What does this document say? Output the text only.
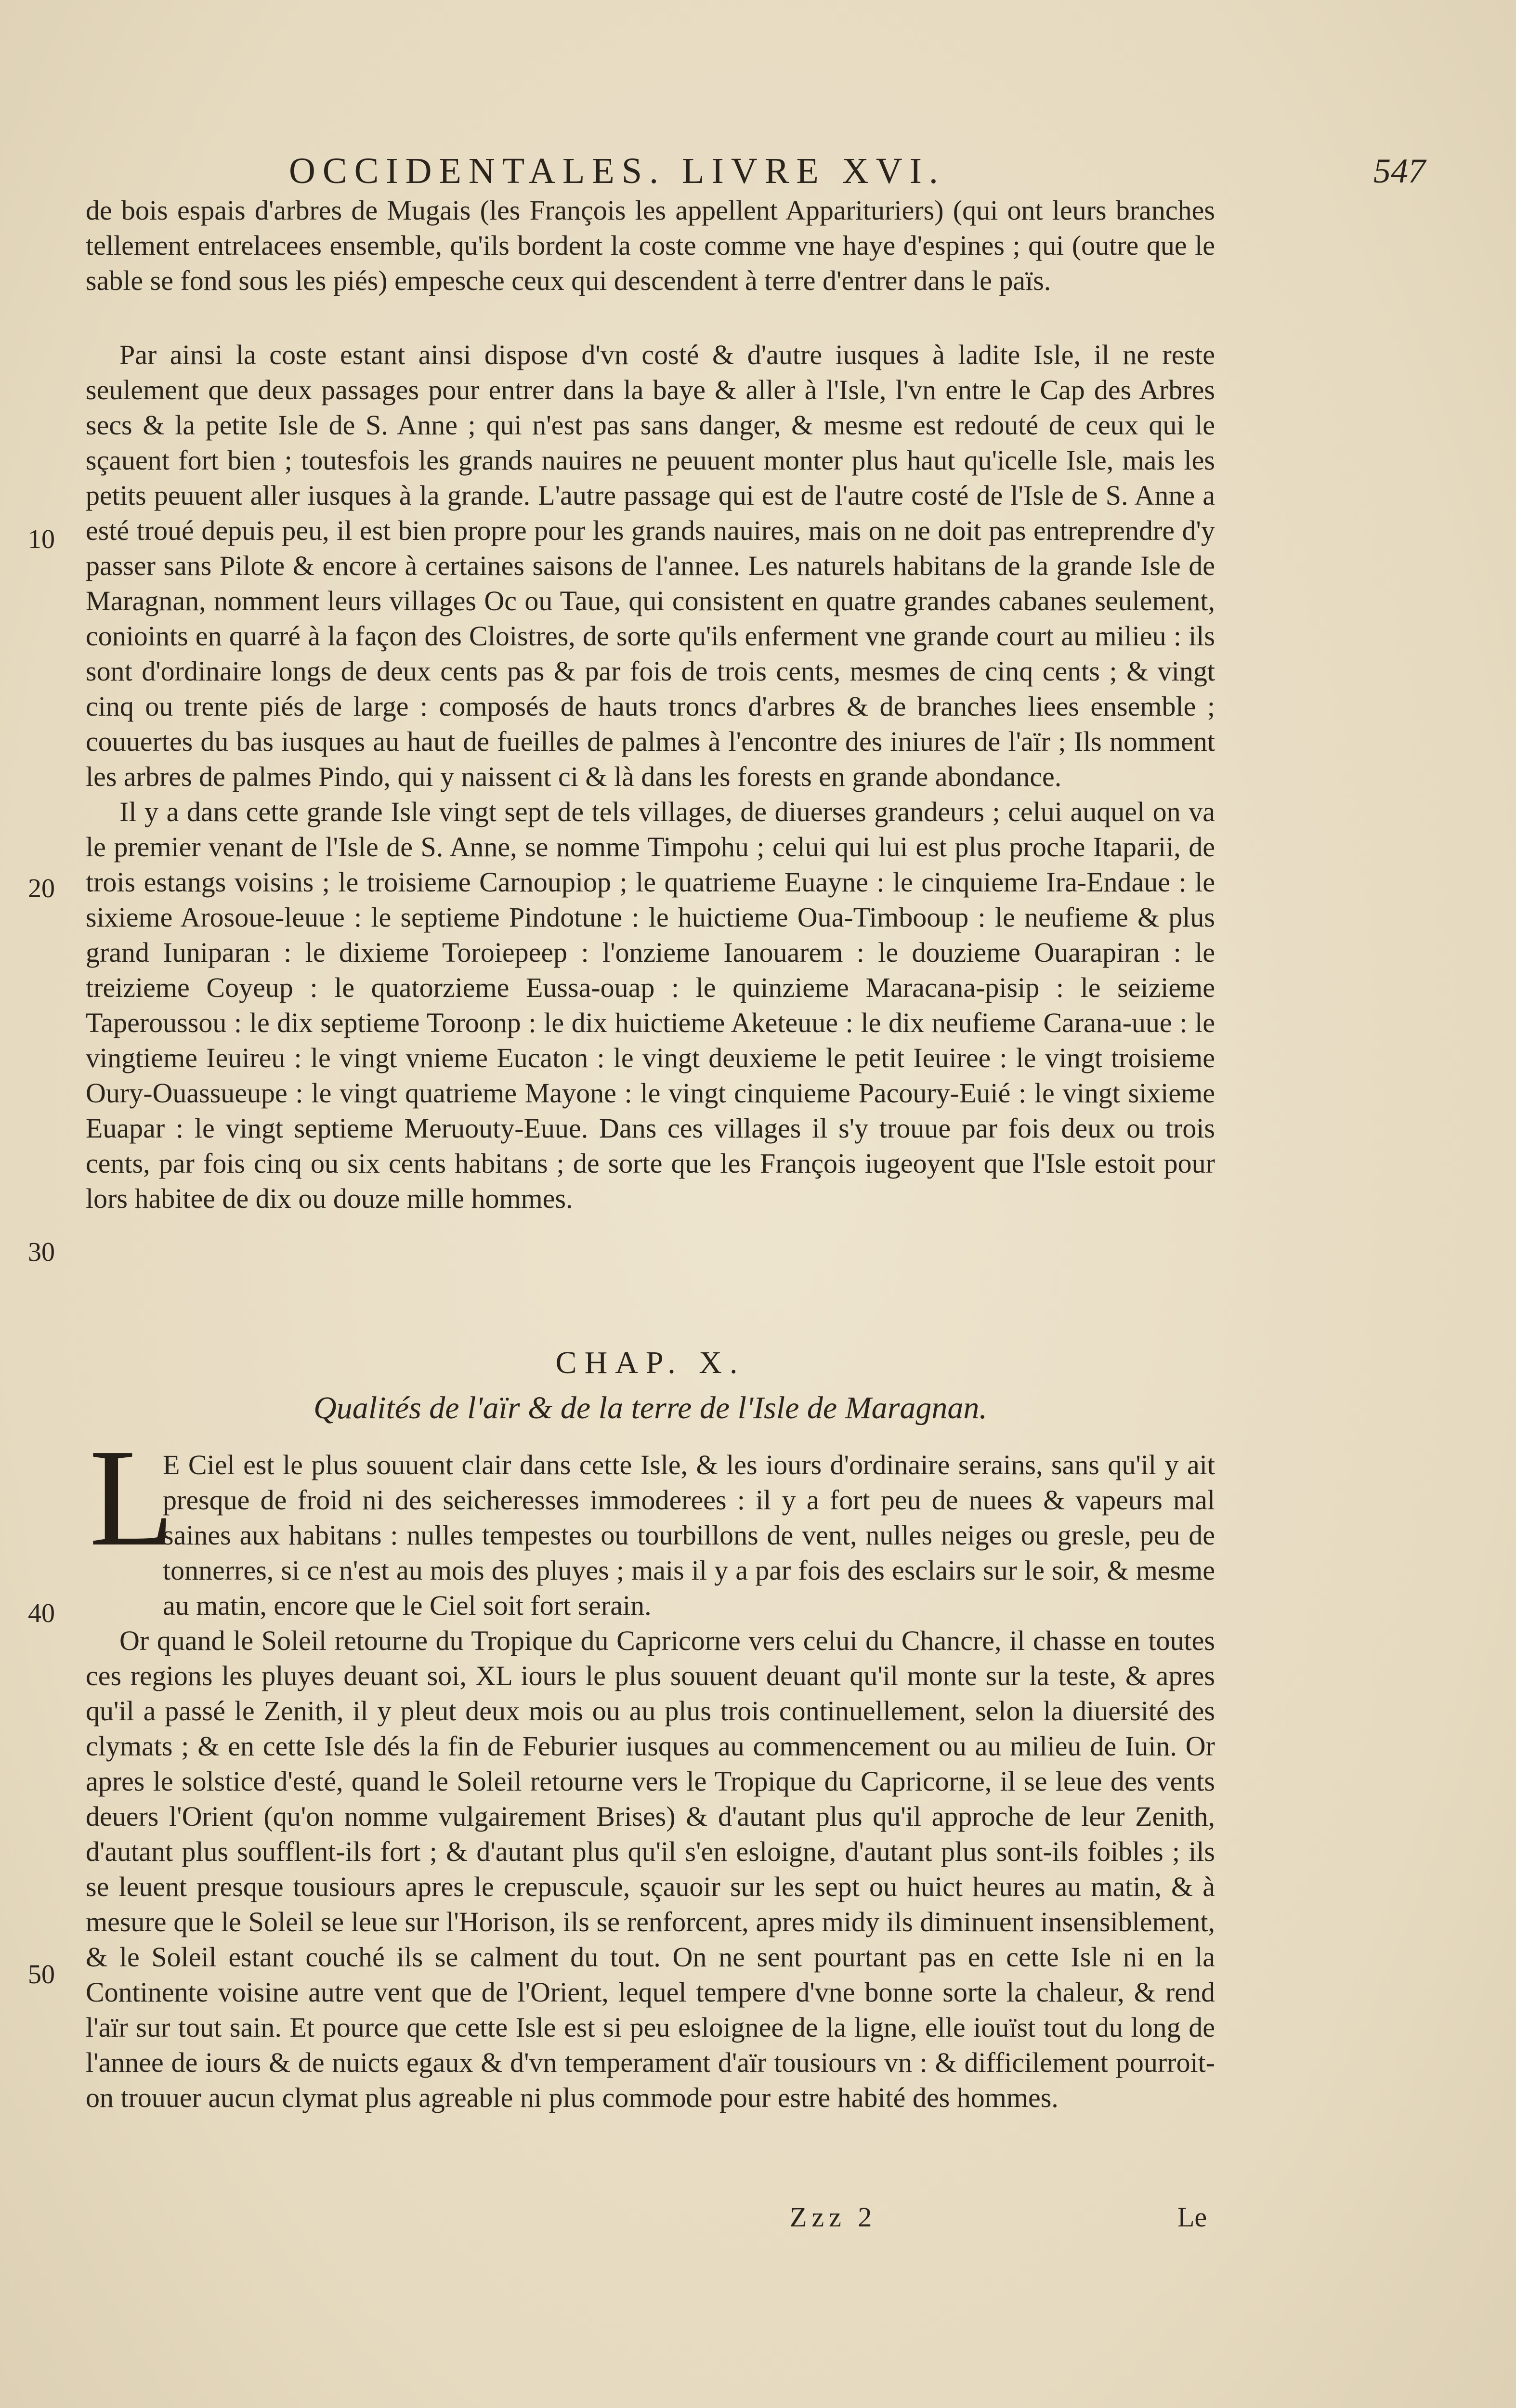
OCCIDENTALES. LIVRE XVI.	547

de bois espais d'arbres de Mugais (les François les appellent Apparituriers) (qui ont leurs branches tellement entrelacees ensemble, qu'ils bordent la coste comme vne haye d'espines ; qui (outre que le sable se fond sous les piés) empesche ceux qui descendent à terre d'entrer dans le païs.

Par ainsi la coste estant ainsi dispose d'vn costé & d'autre iusques à ladite Isle, il ne reste seulement que deux passages pour entrer dans la baye & aller à l'Isle, l'vn entre le Cap des Arbres secs & la petite Isle de S. Anne ; qui n'est pas sans danger, & mesme est redouté de ceux qui le sçauent fort bien ; toutesfois les grands nauires ne peuuent monter plus haut qu'icelle Isle, mais les petits peuuent aller iusques à la grande. L'autre passage qui est de l'autre costé de l'Isle de S. Anne a esté troué depuis peu, il est bien propre pour les grands nauires, mais on ne doit pas entreprendre d'y passer sans Pilote & encore à certaines saisons de l'annee. Les naturels habitans de la grande Isle de Maragnan, nomment leurs villages Oc ou Taue, qui consistent en quatre grandes cabanes seulement, conioints en quarré à la façon des Cloistres, de sorte qu'ils enferment vne grande court au milieu : ils sont d'ordinaire longs de deux cents pas & par fois de trois cents, mesmes de cinq cents ; & vingt cinq ou trente piés de large : composés de hauts troncs d'arbres & de branches liees ensemble ; couuertes du bas iusques au haut de fueilles de palmes à l'encontre des iniures de l'aïr ; Ils nomment les arbres de palmes Pindo, qui y naissent ci & là dans les forests en grande abondance.

Il y a dans cette grande Isle vingt sept de tels villages, de diuerses grandeurs ; celui auquel on va le premier venant de l'Isle de S. Anne, se nomme Timpohu ; celui qui lui est plus proche Itaparii, de trois estangs voisins ; le troisieme Carnoupiop ; le quatrieme Euayne : le cinquieme Ira-Endaue : le sixieme Arosoue-leuue : le septieme Pindotune : le huictieme Oua-Timbooup : le neufieme & plus grand Iuniparan : le dixieme Toroiepeep : l'onzieme Ianouarem : le douzieme Ouarapiran : le treizieme Coyeup : le quatorzieme Eussa-ouap : le quinzieme Maracana-pisip : le seizieme Taperoussou : le dix septieme Toroonp : le dix huictieme Aketeuue : le dix neufieme Carana-uue : le vingtieme Ieuireu : le vingt vnieme Eucaton : le vingt deuxieme le petit Ieuiree : le vingt troisieme Oury-Ouassueupe : le vingt quatrieme Mayone : le vingt cinquieme Pacoury-Euié : le vingt sixieme Euapar : le vingt septieme Meruouty-Euue. Dans ces villages il s'y trouue par fois deux ou trois cents, par fois cinq ou six cents habitans ; de sorte que les François iugeoyent que l'Isle estoit pour lors habitee de dix ou douze mille hommes.

10
20
30
40
50
CHAP. X.
Qualités de l'aïr & de la terre de l'Isle de Maragnan.
L

E Ciel est le plus souuent clair dans cette Isle, & les iours d'ordinaire serains, sans qu'il y ait presque de froid ni des seicheresses immoderees : il y a fort peu de nuees & vapeurs mal saines aux habitans : nulles tempestes ou tourbillons de vent, nulles neiges ou gresle, peu de tonnerres, si ce n'est au mois des pluyes ; mais il y a par fois des esclairs sur le soir, & mesme au matin, encore que le Ciel soit fort serain.

Or quand le Soleil retourne du Tropique du Capricorne vers celui du Chancre, il chasse en toutes ces regions les pluyes deuant soi, XL iours le plus souuent deuant qu'il monte sur la teste, & apres qu'il a passé le Zenith, il y pleut deux mois ou au plus trois continuellement, selon la diuersité des clymats ; & en cette Isle dés la fin de Feburier iusques au commencement ou au milieu de Iuin. Or apres le solstice d'esté, quand le Soleil retourne vers le Tropique du Capricorne, il se leue des vents deuers l'Orient (qu'on nomme vulgairement Brises) & d'autant plus qu'il approche de leur Zenith, d'autant plus soufflent-ils fort ; & d'autant plus qu'il s'en esloigne, d'autant plus sont-ils foibles ; ils se leuent presque tousiours apres le crepuscule, sçauoir sur les sept ou huict heures au matin, & à mesure que le Soleil se leue sur l'Horison, ils se renforcent, apres midy ils diminuent insensiblement, & le Soleil estant couché ils se calment du tout. On ne sent pourtant pas en cette Isle ni en la Continente voisine autre vent que de l'Orient, lequel tempere d'vne bonne sorte la chaleur, & rend l'aïr sur tout sain. Et pource que cette Isle est si peu esloignee de la ligne, elle iouïst tout du long de l'annee de iours & de nuicts egaux & d'vn temperament d'aïr tousiours vn : & difficilement pourroit-on trouuer aucun clymat plus agreable ni plus commode pour estre habité des hommes.

Zzz 2	Le
